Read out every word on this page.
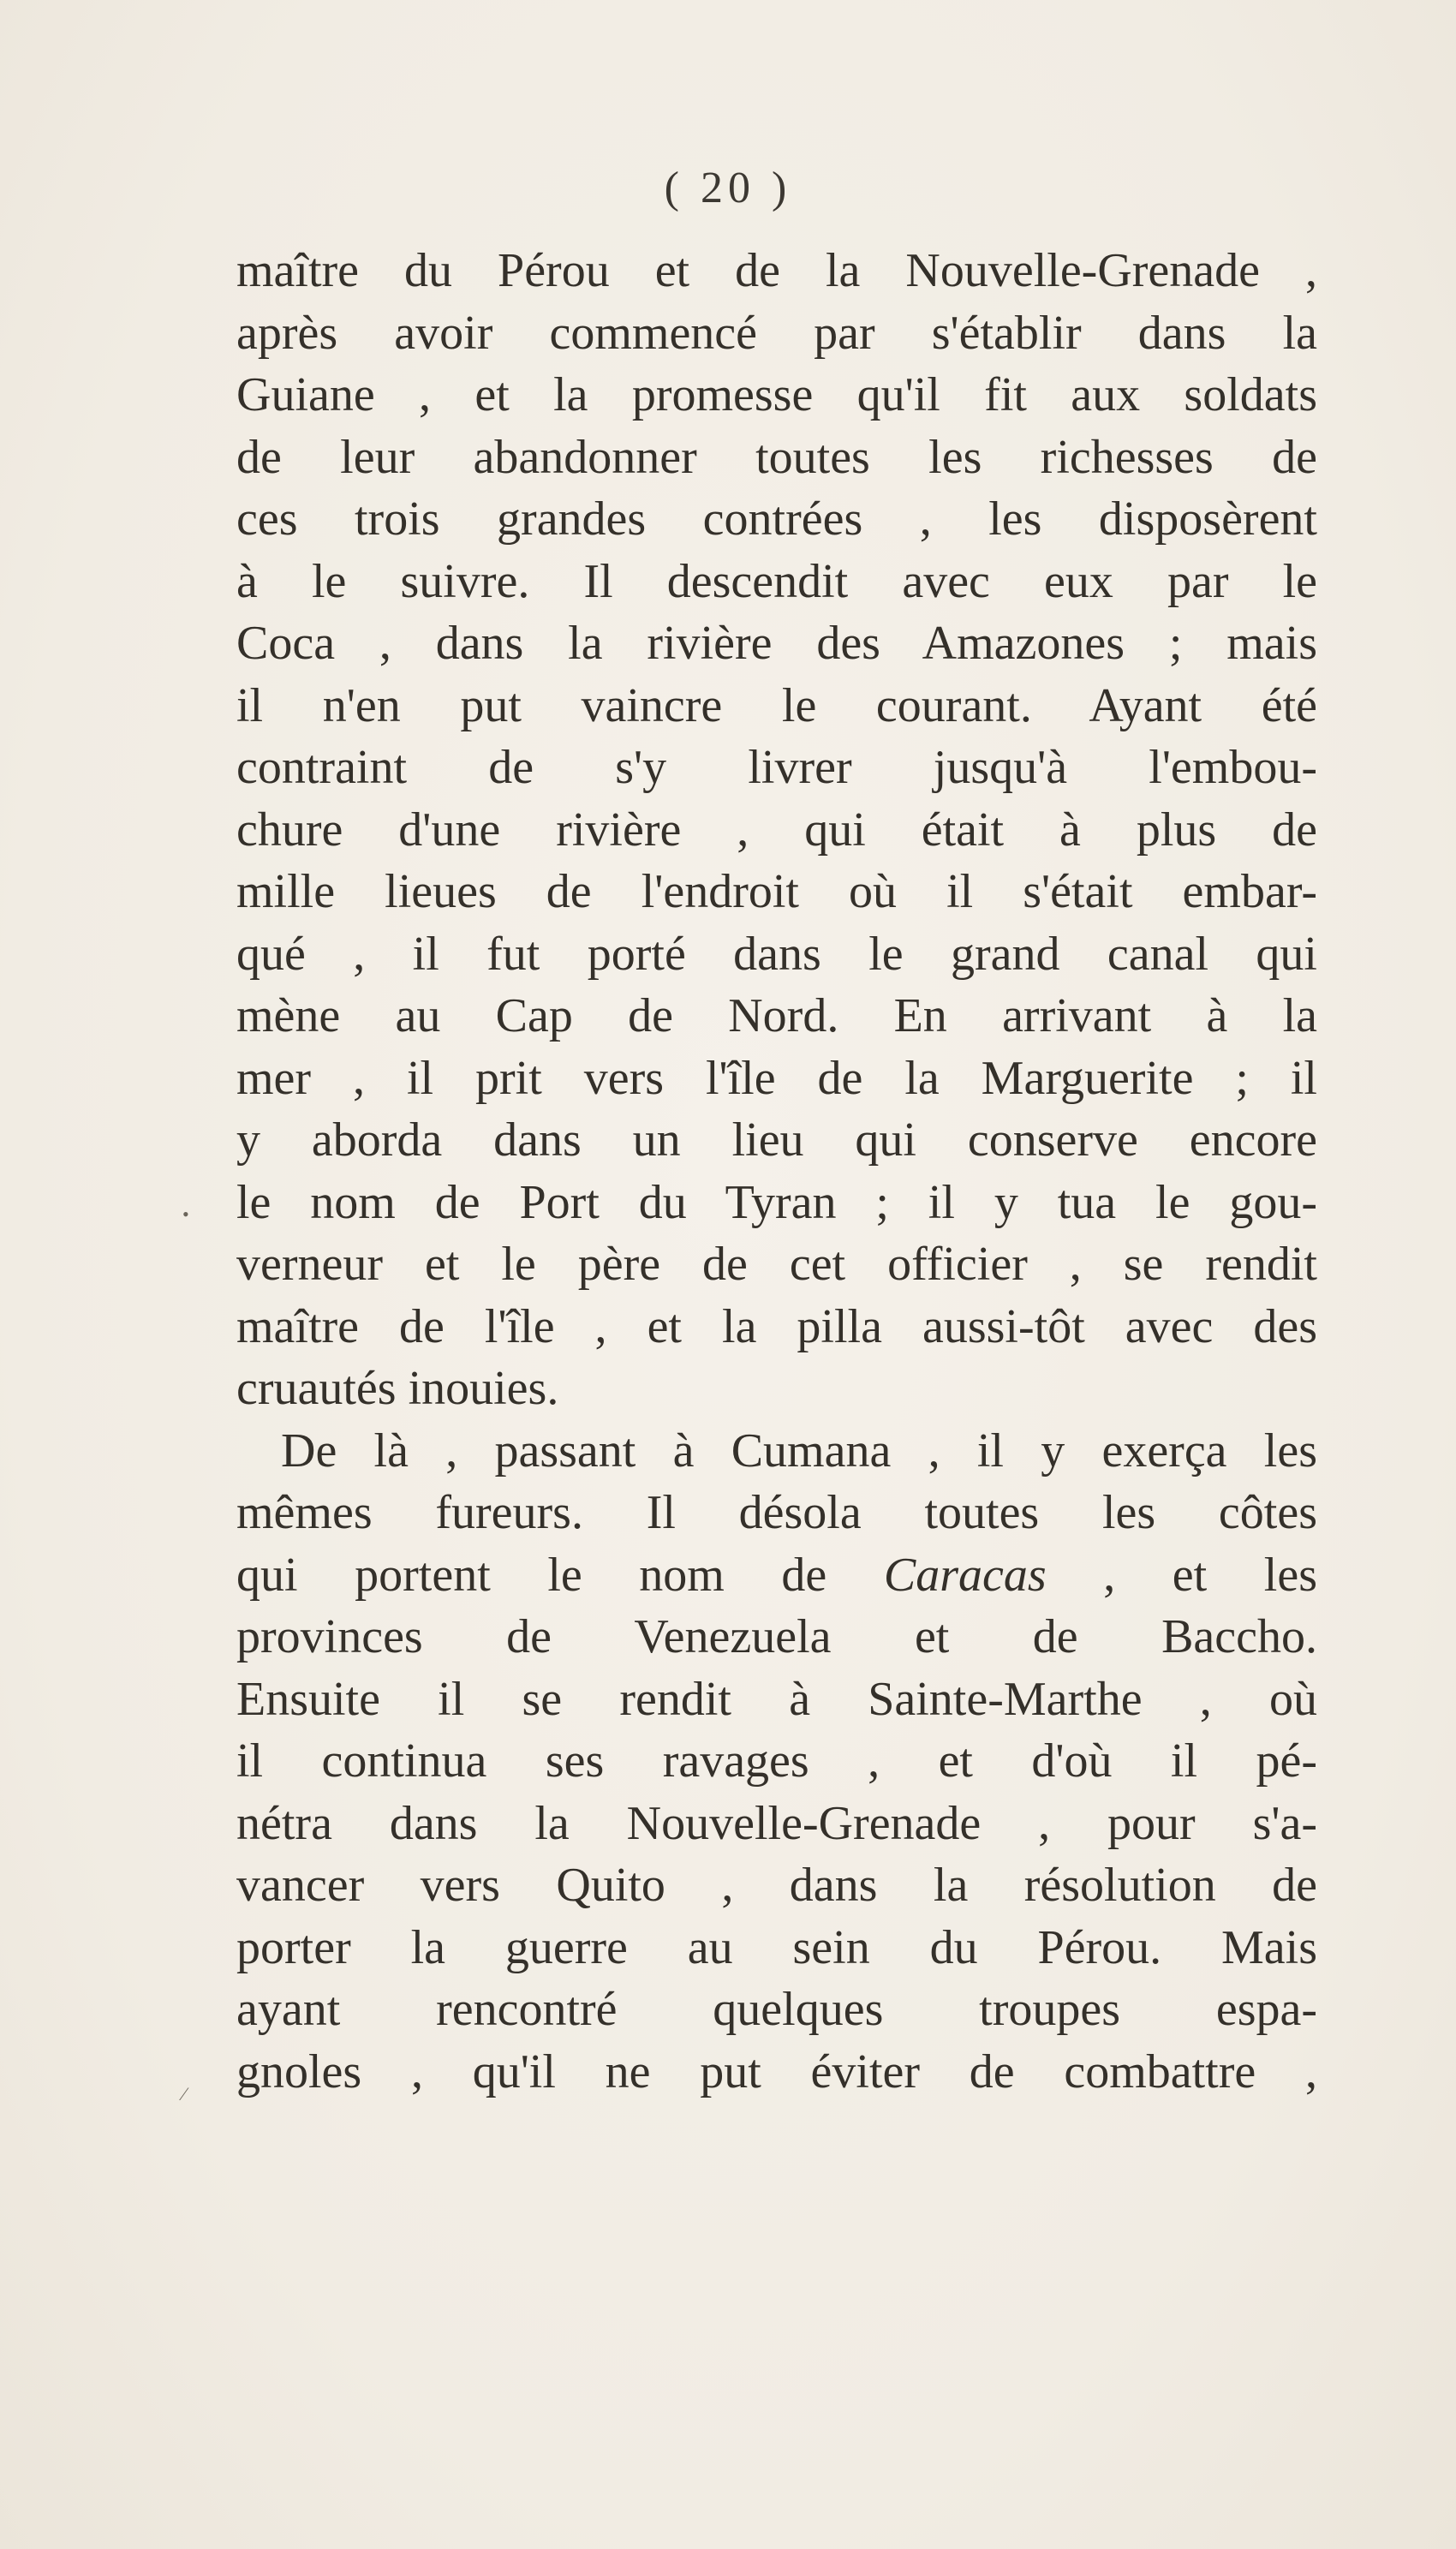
( 20 )
maître du Pérou et de la Nouvelle-Grenade ,
après avoir commencé par s'établir dans la
Guiane , et la promesse qu'il fit aux soldats
de leur abandonner toutes les richesses de
ces trois grandes contrées , les disposèrent
à le suivre. Il descendit avec eux par le
Coca , dans la rivière des Amazones ; mais
il n'en put vaincre le courant. Ayant été
contraint de s'y livrer jusqu'à l'embou-
chure d'une rivière , qui était à plus de
mille lieues de l'endroit où il s'était embar-
qué , il fut porté dans le grand canal qui
mène au Cap de Nord. En arrivant à la
mer , il prit vers l'île de la Marguerite ; il
y aborda dans un lieu qui conserve encore
le nom de Port du Tyran ; il y tua le gou-
verneur et le père de cet officier , se rendit
maître de l'île , et la pilla aussi-tôt avec des
cruautés inouies.
De là , passant à Cumana , il y exerça les
mêmes fureurs. Il désola toutes les côtes
qui portent le nom de Caracas , et les
provinces de Venezuela et de Baccho.
Ensuite il se rendit à Sainte-Marthe , où
il continua ses ravages , et d'où il pé-
nétra dans la Nouvelle-Grenade , pour s'a-
vancer vers Quito , dans la résolution de
porter la guerre au sein du Pérou. Mais
ayant rencontré quelques troupes espa-
gnoles , qu'il ne put éviter de combattre ,
•
⁄
